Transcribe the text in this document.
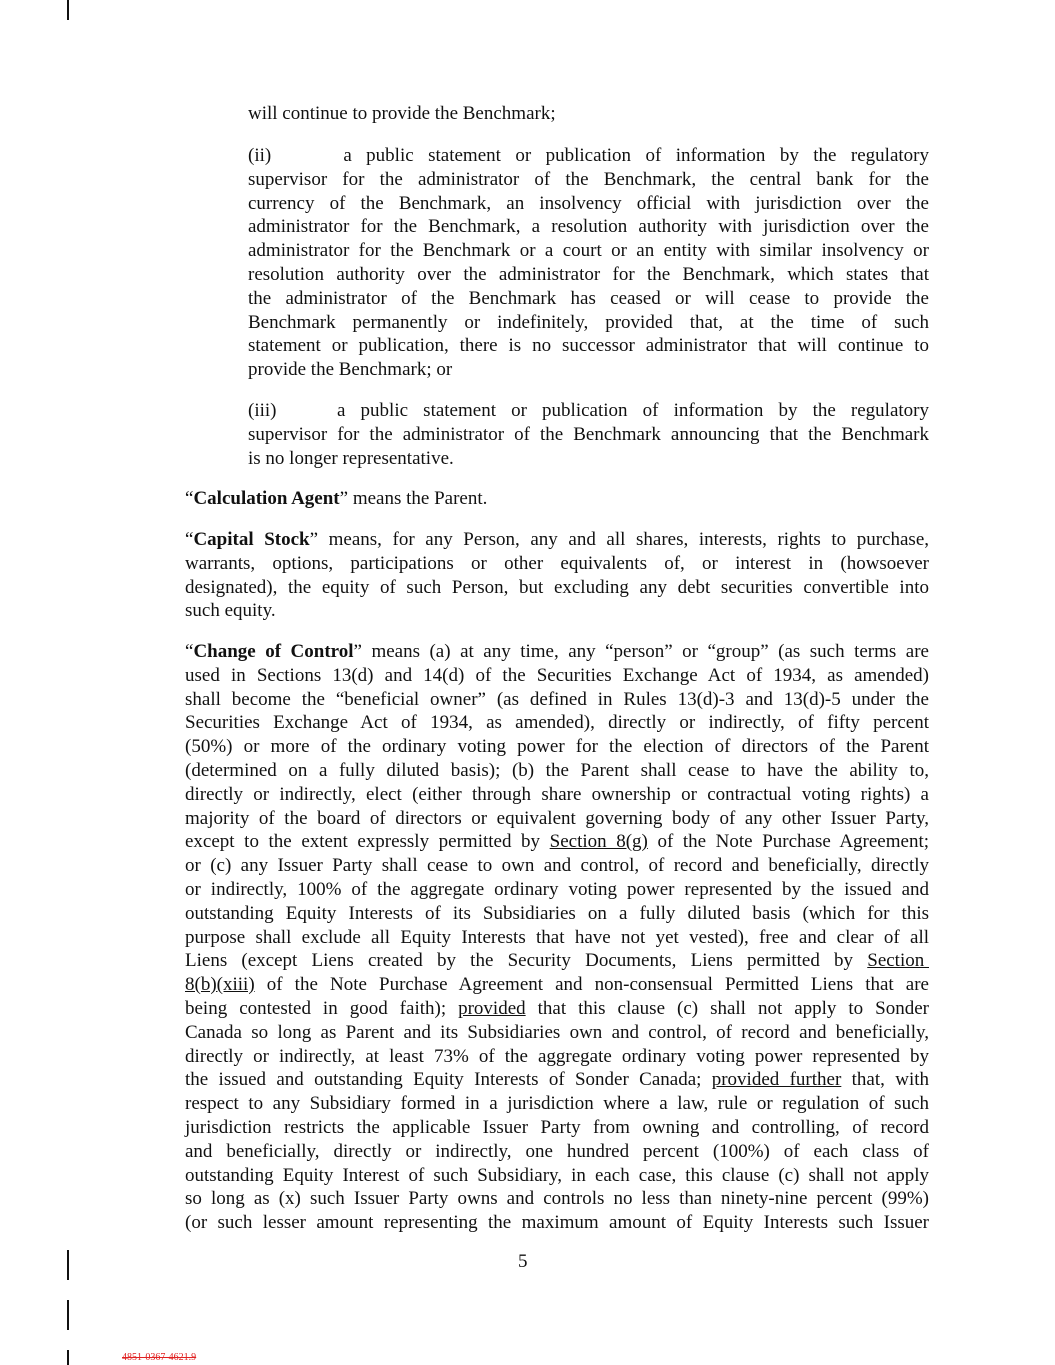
will continue to provide the Benchmark;
(ii)     a public statement or publication of information by the regulatory
supervisor for the administrator of the Benchmark, the central bank for the
currency of the Benchmark, an insolvency official with jurisdiction over the
administrator for the Benchmark, a resolution authority with jurisdiction over the
administrator for the Benchmark or a court or an entity with similar insolvency or
resolution authority over the administrator for the Benchmark, which states that
the administrator of the Benchmark has ceased or will cease to provide the
Benchmark permanently or indefinitely, provided that, at the time of such
statement or publication, there is no successor administrator that will continue to
provide the Benchmark; or
(iii)    a public statement or publication of information by the regulatory
supervisor for the administrator of the Benchmark announcing that the Benchmark
is no longer representative.
“Calculation Agent” means the Parent.
“Capital Stock” means, for any Person, any and all shares, interests, rights to purchase,
warrants, options, participations or other equivalents of, or interest in (howsoever
designated), the equity of such Person, but excluding any debt securities convertible into
such equity.
“Change of Control” means (a) at any time, any “person” or “group” (as such terms are
used in Sections 13(d) and 14(d) of the Securities Exchange Act of 1934, as amended)
shall become the “beneficial owner” (as defined in Rules 13(d)-3 and 13(d)-5 under the
Securities Exchange Act of 1934, as amended), directly or indirectly, of fifty percent
(50%) or more of the ordinary voting power for the election of directors of the Parent
(determined on a fully diluted basis); (b) the Parent shall cease to have the ability to,
directly or indirectly, elect (either through share ownership or contractual voting rights) a
majority of the board of directors or equivalent governing body of any other Issuer Party,
except to the extent expressly permitted by Section 8(g) of the Note Purchase Agreement;
or (c) any Issuer Party shall cease to own and control, of record and beneficially, directly
or indirectly, 100% of the aggregate ordinary voting power represented by the issued and
outstanding Equity Interests of its Subsidiaries on a fully diluted basis (which for this
purpose shall exclude all Equity Interests that have not yet vested), free and clear of all
Liens (except Liens created by the Security Documents, Liens permitted by Section
8(b)(xiii) of the Note Purchase Agreement and non-consensual Permitted Liens that are
being contested in good faith); provided that this clause (c) shall not apply to Sonder
Canada so long as Parent and its Subsidiaries own and control, of record and beneficially,
directly or indirectly, at least 73% of the aggregate ordinary voting power represented by
the issued and outstanding Equity Interests of Sonder Canada; provided further that, with
respect to any Subsidiary formed in a jurisdiction where a law, rule or regulation of such
jurisdiction restricts the applicable Issuer Party from owning and controlling, of record
and beneficially, directly or indirectly, one hundred percent (100%) of each class of
outstanding Equity Interest of such Subsidiary, in each case, this clause (c) shall not apply
so long as (x) such Issuer Party owns and controls no less than ninety-nine percent (99%)
(or such lesser amount representing the maximum amount of Equity Interests such Issuer
5
4851-0367-4621.9
